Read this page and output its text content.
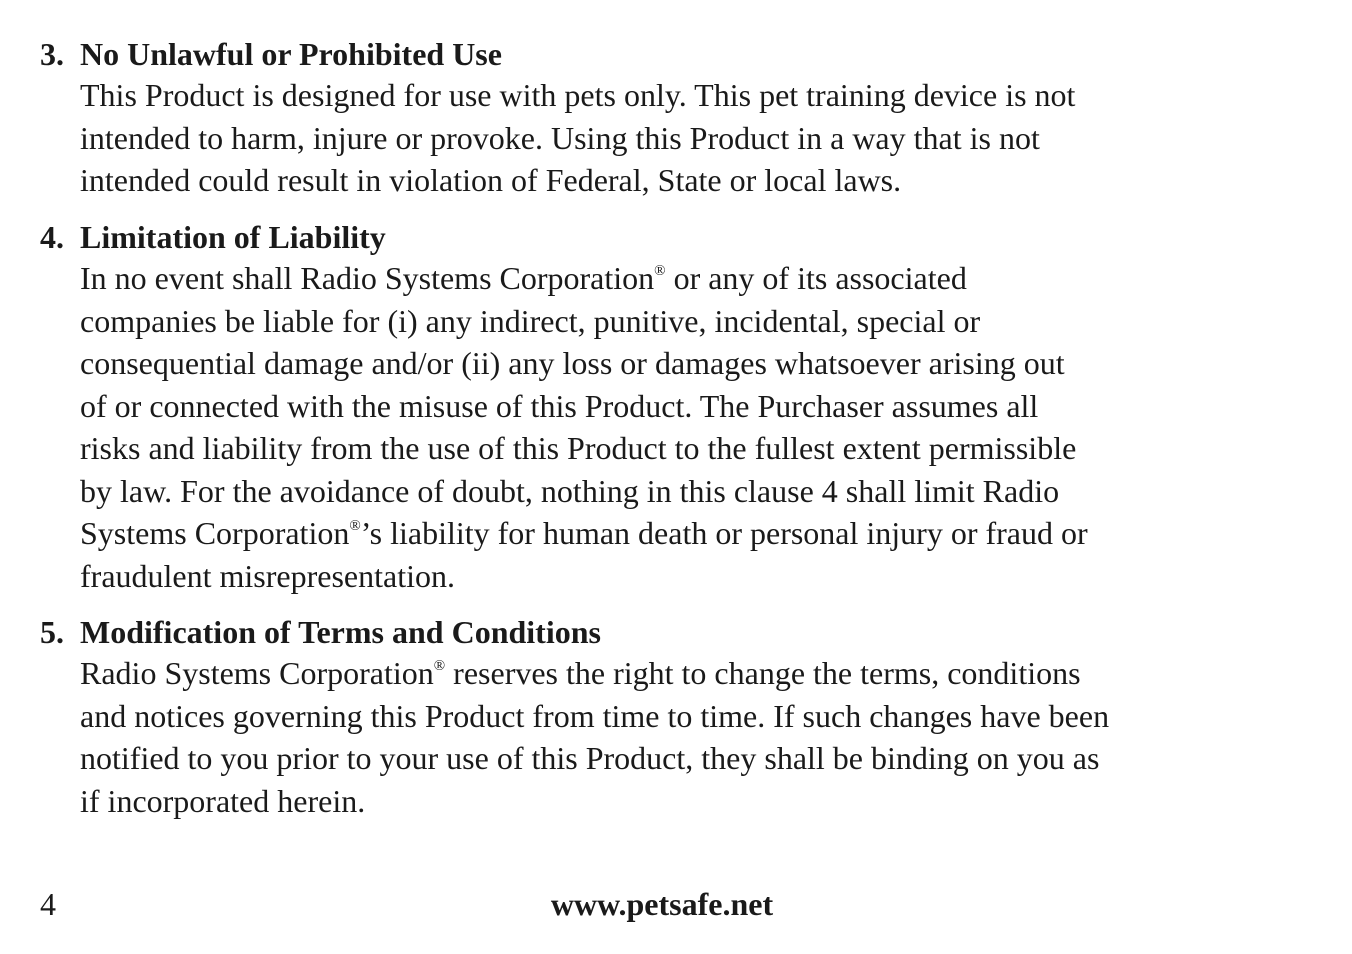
3. No Unlawful or Prohibited Use

This Product is designed for use with pets only. This pet training device is not
intended to harm, injure or provoke. Using this Product in a way that is not
intended could result in violation of Federal, State or local laws.

4. Limitation of Liability

In no event shall Radio Systems Corporation® or any of its associated
companies be liable for (i) any indirect, punitive, incidental, special or
consequential damage and/or (ii) any loss or damages whatsoever arising out
of or connected with the misuse of this Product. The Purchaser assumes all
risks and liability from the use of this Product to the fullest extent permissible
by law. For the avoidance of doubt, nothing in this clause 4 shall limit Radio
Systems Corporation®’s liability for human death or personal injury or fraud or
fraudulent misrepresentation.

5. Modification of Terms and Conditions

Radio Systems Corporation® reserves the right to change the terms, conditions
and notices governing this Product from time to time. If such changes have been
notified to you prior to your use of this Product, they shall be binding on you as
if incorporated herein.

4	www.petsafe.net
